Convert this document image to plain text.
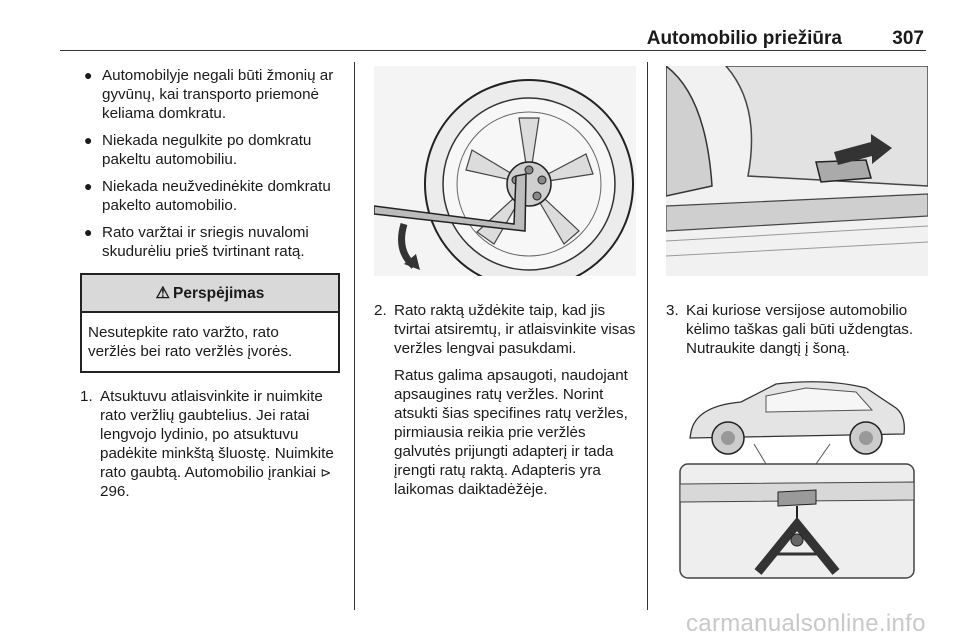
Automobilio priežiūra	307
● Automobilyje negali būti žmonių ar gyvūnų, kai transporto priemonė keliama domkratu.
● Niekada negulkite po domkratu pakeltu automobiliu.
● Niekada neužvedinėkite domkratu pakelto automobilio.
● Rato varžtai ir sriegis nuvalomi skudurėliu prieš tvirtinant ratą.
⚠ Perspėjimas
Nesutepkite rato varžto, rato veržlės bei rato veržlės įvorės.
1. Atsuktuvu atlaisvinkite ir nuimkite rato veržlių gaubtelius. Jei ratai lengvojo lydinio, po atsuktuvu padėkite minkštą šluostę. Nuimkite rato gaubtą. Automobilio įrankiai ⊳ 296.
2. Rato raktą uždėkite taip, kad jis tvirtai atsiremtų, ir atlaisvinkite visas veržles lengvai pasukdami.

Ratus galima apsaugoti, naudojant apsaugines ratų veržles. Norint atsukti šias specifines ratų veržles, pirmiausia reikia prie veržlės galvutės prijungti adapterį ir tada įrengti ratų raktą. Adapteris yra laikomas daiktadėžėje.

3. Kai kuriose versijose automobilio kėlimo taškas gali būti uždengtas. Nutraukite dangtį į šoną.
carmanualsonline.info
